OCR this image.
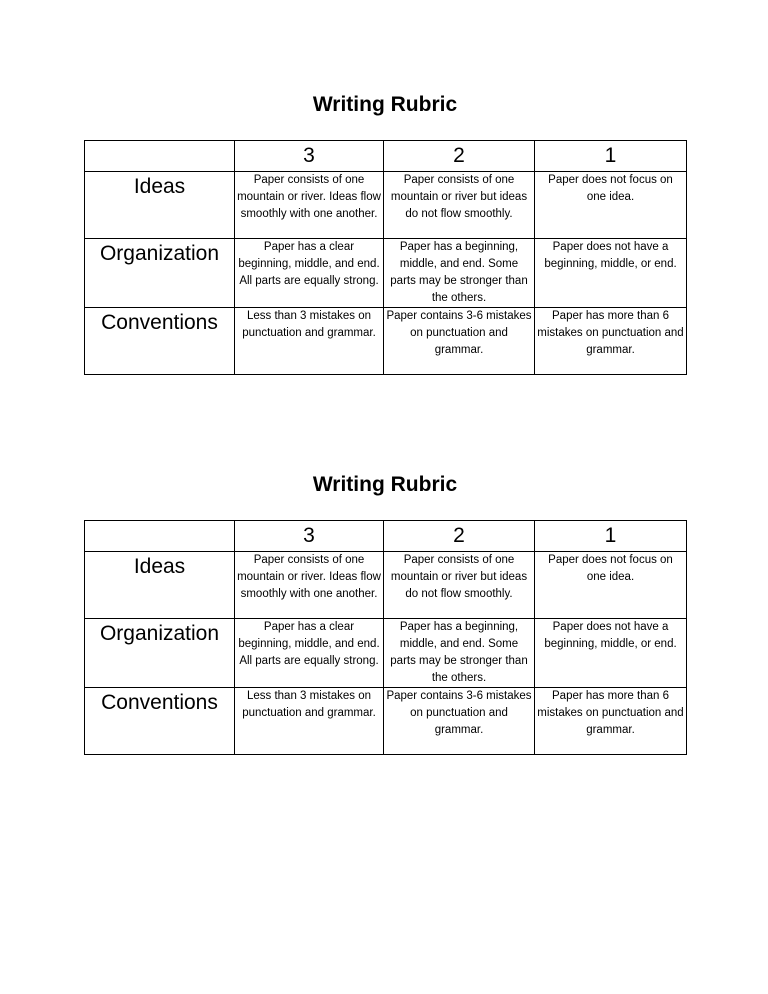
Writing Rubric
	3	2	1
Ideas	Paper consists of one mountain or river. Ideas flow smoothly with one another.	Paper consists of one mountain or river but ideas do not flow smoothly.	Paper does not focus on one idea.
Organization	Paper has a clear beginning, middle, and end. All parts are equally strong.	Paper has a beginning, middle, and end. Some parts may be stronger than the others.	Paper does not have a beginning, middle, or end.
Conventions	Less than 3 mistakes on punctuation and grammar.	Paper contains 3-6 mistakes on punctuation and grammar.	Paper has more than 6 mistakes on punctuation and grammar.
Writing Rubric
	3	2	1
Ideas	Paper consists of one mountain or river. Ideas flow smoothly with one another.	Paper consists of one mountain or river but ideas do not flow smoothly.	Paper does not focus on one idea.
Organization	Paper has a clear beginning, middle, and end. All parts are equally strong.	Paper has a beginning, middle, and end. Some parts may be stronger than the others.	Paper does not have a beginning, middle, or end.
Conventions	Less than 3 mistakes on punctuation and grammar.	Paper contains 3-6 mistakes on punctuation and grammar.	Paper has more than 6 mistakes on punctuation and grammar.
